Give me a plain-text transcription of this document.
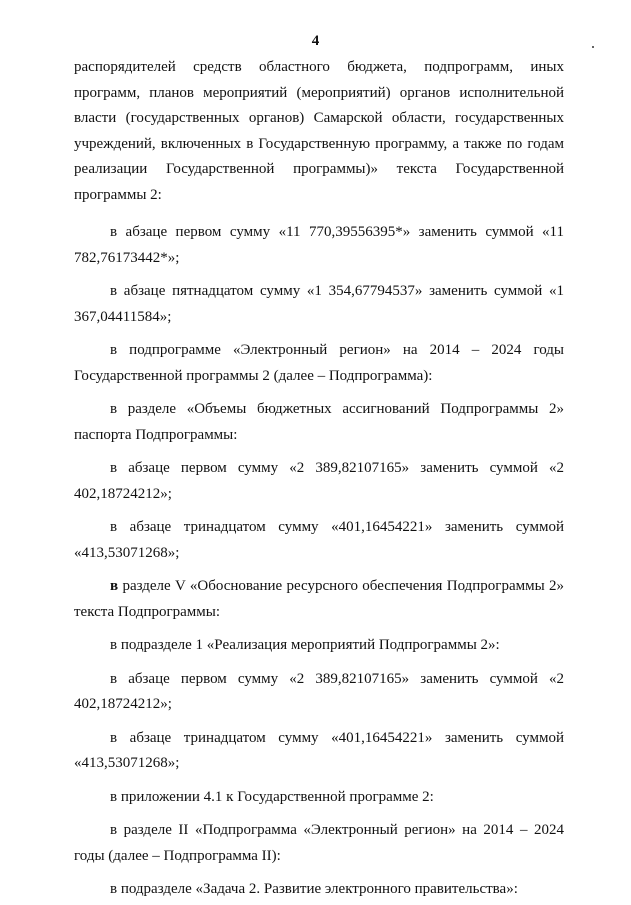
4

распорядителей средств областного бюджета, подпрограмм, иных программ, планов мероприятий (мероприятий) органов исполнительной власти (государственных органов) Самарской области, государственных учреждений, включенных в Государственную программу, а также по годам реализации Государственной программы)» текста Государственной программы 2:

в абзаце первом сумму «11 770,39556395*» заменить суммой «11 782,76173442*»;

в абзаце пятнадцатом сумму «1 354,67794537» заменить суммой «1 367,04411584»;

в подпрограмме «Электронный регион» на 2014 – 2024 годы Государственной программы 2 (далее – Подпрограмма):

в разделе «Объемы бюджетных ассигнований Подпрограммы 2» паспорта Подпрограммы:

в абзаце первом сумму «2 389,82107165» заменить суммой «2 402,18724212»;

в абзаце тринадцатом сумму «401,16454221» заменить суммой «413,53071268»;

в разделе V «Обоснование ресурсного обеспечения Подпрограммы 2» текста Подпрограммы:

в подразделе 1 «Реализация мероприятий Подпрограммы 2»:

в абзаце первом сумму «2 389,82107165» заменить суммой «2 402,18724212»;

в абзаце тринадцатом сумму «401,16454221» заменить суммой «413,53071268»;

в приложении 4.1 к Государственной программе 2:

в разделе II «Подпрограмма «Электронный регион» на 2014 – 2024 годы (далее – Подпрограмма II):

в подразделе «Задача 2. Развитие электронного правительства»:
